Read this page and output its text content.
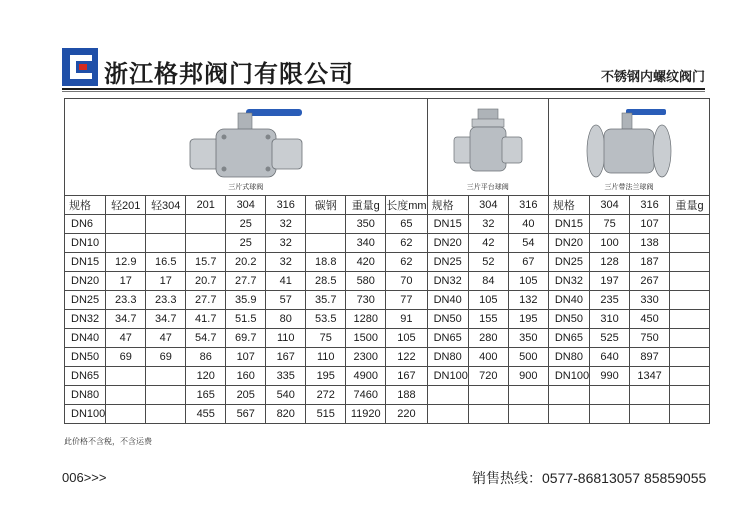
浙江格邦阀门有限公司	不锈钢内螺纹阀门
三片式球阀									三片平台球阀			三片带法兰球阀			

规格	轻201	轻304	201	304	316	碳钢	重量g	长度mm	规格	304	316	规格	304	316	重量g
DN6				25	32		350	65	DN15	32	40	DN15	75	107	
DN10				25	32		340	62	DN20	42	54	DN20	100	138	
DN15	12.9	16.5	15.7	20.2	32	18.8	420	62	DN25	52	67	DN25	128	187	
DN20	17	17	20.7	27.7	41	28.5	580	70	DN32	84	105	DN32	197	267	
DN25	23.3	23.3	27.7	35.9	57	35.7	730	77	DN40	105	132	DN40	235	330	
DN32	34.7	34.7	41.7	51.5	80	53.5	1280	91	DN50	155	195	DN50	310	450	
DN40	47	47	54.7	69.7	110	75	1500	105	DN65	280	350	DN65	525	750	
DN50	69	69	86	107	167	110	2300	122	DN80	400	500	DN80	640	897	
DN65			120	160	335	195	4900	167	DN100	720	900	DN100	990	1347	
DN80			165	205	540	272	7460	188							
DN100			455	567	820	515	11920	220							
此价格不含税，不含运费
006>>>	销售热线：0577-86813057 85859055
